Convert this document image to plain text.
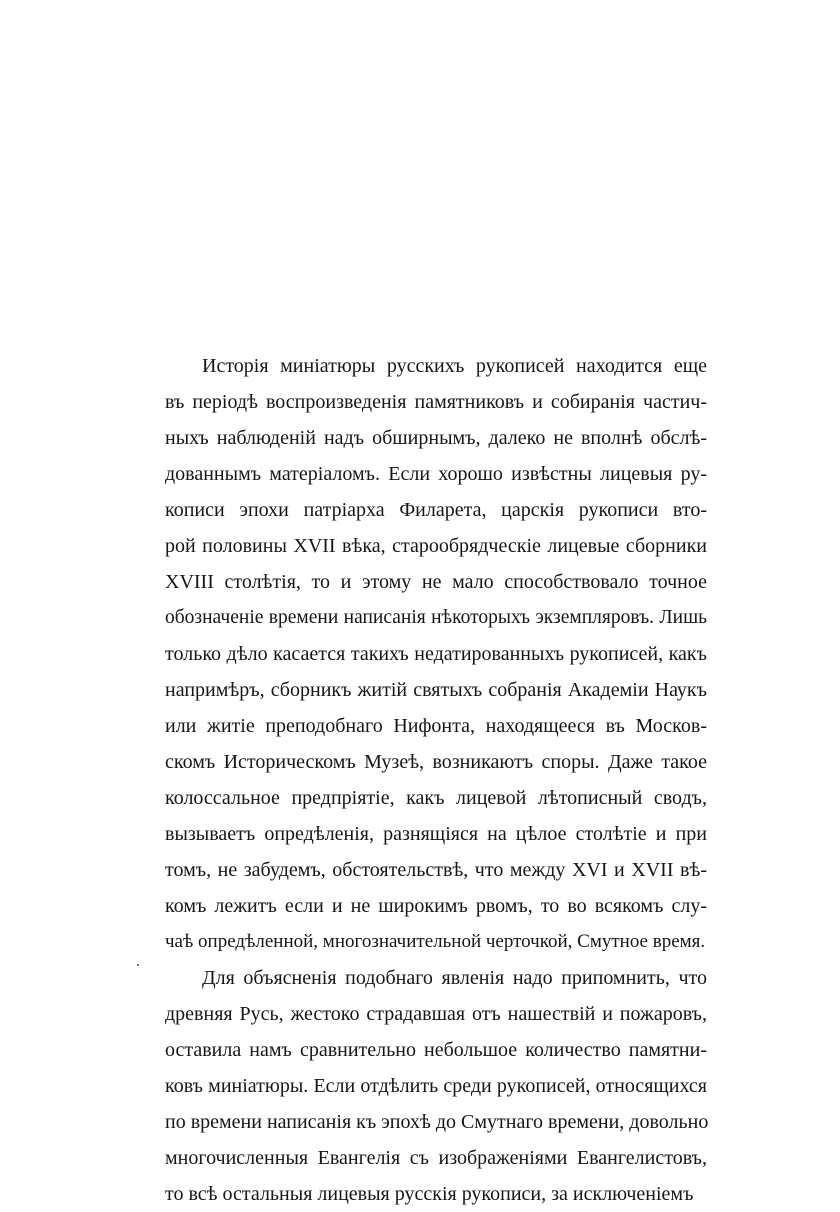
Исторія миніатюры русскихъ рукописей находится еще
въ періодѣ воспроизведенія памятниковъ и собиранія частич-
ныхъ наблюденій надъ обширнымъ, далеко не вполнѣ обслѣ-
дованнымъ матеріаломъ. Если хорошо извѣстны лицевыя ру-
кописи эпохи патріарха Филарета, царскія рукописи вто-
рой половины XVII вѣка, старообрядческіе лицевые сборники
XVIII столѣтія, то и этому не мало способствовало точное
обозначеніе времени написанія нѣкоторыхъ экземпляровъ. Лишь
только дѣло касается такихъ недатированныхъ рукописей, какъ
напримѣръ, сборникъ житій святыхъ собранія Академіи Наукъ
или житіе преподобнаго Нифонта, находящееся въ Москов-
скомъ Историческомъ Музеѣ, возникаютъ споры. Даже такое
колоссальное предпріятіе, какъ лицевой лѣтописный сводъ,
вызываетъ опредѣленія, разнящіяся на цѣлое столѣтіе и при
томъ, не забудемъ, обстоятельствѣ, что между XVI и XVII вѣ-
комъ лежитъ если и не широкимъ рвомъ, то во всякомъ слу-
чаѣ опредѣленной, многозначительной черточкой, Смутное время.
Для объясненія подобнаго явленія надо припомнить, что
древняя Русь, жестоко страдавшая отъ нашествій и пожаровъ,
оставила намъ сравнительно небольшое количество памятни-
ковъ миніатюры. Если отдѣлить среди рукописей, относящихся
по времени написанія къ эпохѣ до Смутнаго времени, довольно
многочисленныя Евангелія съ изображеніями Евангелистовъ,
то всѣ остальныя лицевыя русскія рукописи, за исключеніемъ
